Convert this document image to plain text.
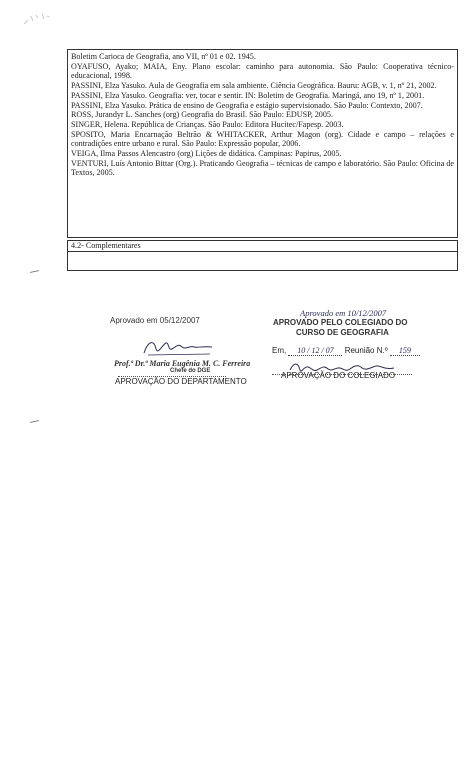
Boletim Carioca de Geografia, ano VII, nº 01 e 02. 1945.
OYAFUSO, Ayako; MAIA, Eny. Plano escolar: caminho para autonomia. São Paulo: Cooperativa técnico-educacional, 1998.
PASSINI, Elza Yasuko. Aula de Geografia em sala ambiente. Ciência Geográfica. Bauru: AGB, v. 1, nº 21, 2002.
PASSINI, Elza Yasuko. Geografia: ver, tocar e sentir. IN: Boletim de Geografia. Maringá, ano 19, nº 1, 2001.
PASSINI, Elza Yasuko. Prática de ensino de Geografia e estágio supervisionado. São Paulo: Contexto, 2007.
ROSS, Jurandyr L. Sanches (org) Geografia do Brasil. São Paulo: EDUSP, 2005.
SINGER, Helena. República de Crianças. São Paulo: Editora Hucitec/Fapesp. 2003.
SPOSITO, Maria Encarnação Beltrão & WHITACKER, Arthur Magon (org). Cidade e campo – relações e contradições entre urbano e rural. São Paulo: Expressão popular, 2006.
VEIGA, Ilma Passos Alencastro (org) Lições de didática. Campinas: Papirus, 2005.
VENTURI, Luís Antonio Bittar (Org.). Praticando Geografia – técnicas de campo e laboratório. São Paulo: Oficina de Textos, 2005.
4.2- Complementares
Aprovado em 05/12/2007
Prof.ª Dr.ª Maria Eugênia M. C. Ferreira
Chefe do DGE
APROVAÇÃO DO DEPARTAMENTO
Aprovado em 10/12/2007
APROVADO PELO COLEGIADO DO
CURSO DE GEOGRAFIA
Em, 10 / 12 / 07 Reunião N.º 159
APROVAÇÃO DO COLEGIADO
